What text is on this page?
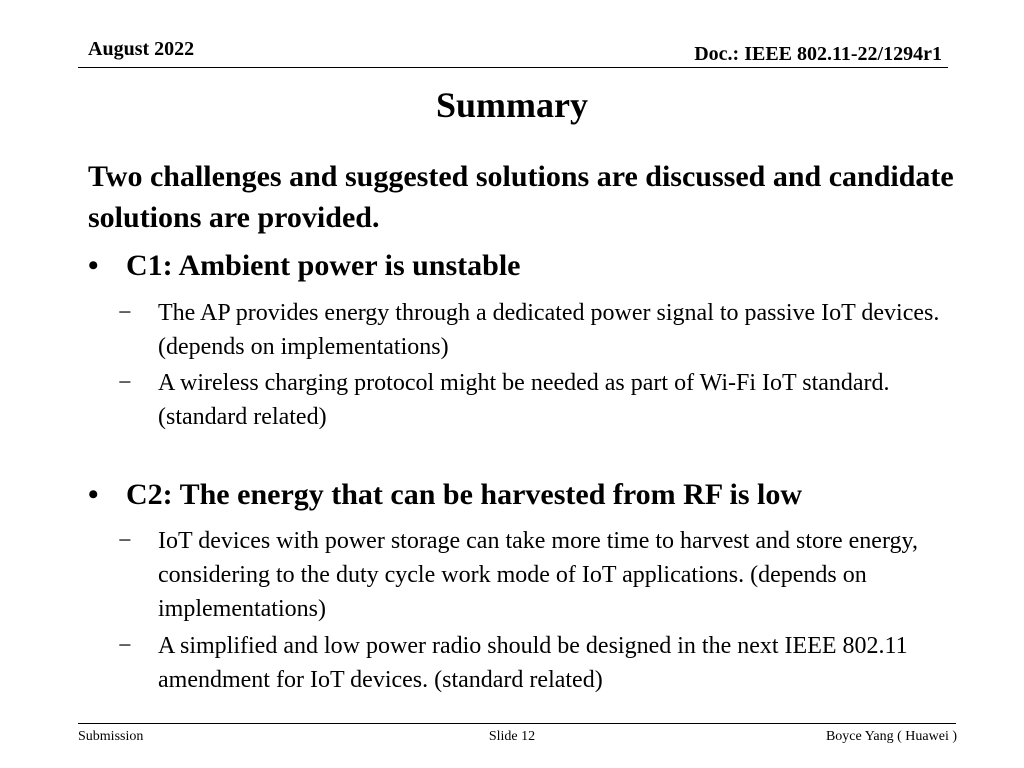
August 2022	Doc.: IEEE 802.11-22/1294r1
Summary
Two challenges and suggested solutions are discussed and candidate solutions are provided.
• C1: Ambient power is unstable
− The AP provides energy through a dedicated power signal to passive IoT devices. (depends on implementations)
− A wireless charging protocol might be needed as part of Wi-Fi IoT standard. (standard related)
• C2: The energy that can be harvested from RF is low
− IoT devices with power storage can take more time to harvest and store energy, considering to the duty cycle work mode of IoT applications. (depends on implementations)
− A simplified and low power radio should be designed in the next IEEE 802.11 amendment for IoT devices. (standard related)
Submission	Slide 12	Boyce Yang ( Huawei )
